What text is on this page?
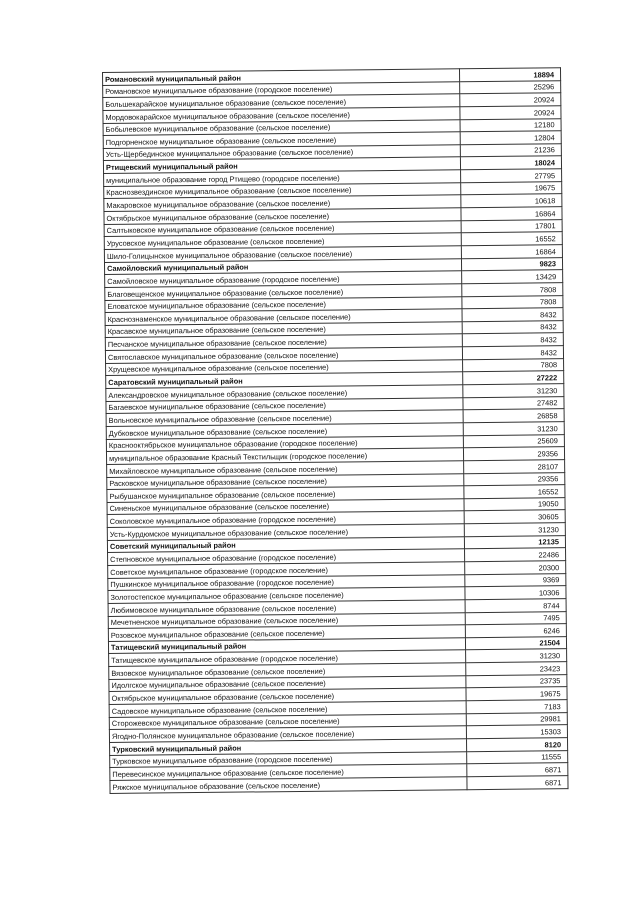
Романовский муниципальный район	18894
Романовское муниципальное образование (городское поселение)	25296
Большекарайское муниципальное образование (сельское поселение)	20924
Мордовокарайское муниципальное образование (сельское поселение)	20924
Бобылевское муниципальное образование (сельское поселение)	12180
Подгорненское муниципальное образование (сельское поселение)	12804
Усть-Щербединское муниципальное образование (сельское поселение)	21236
Ртищевский муниципальный район	18024
муниципальное образование город Ртищево (городское поселение)	27795
Краснозвездинское муниципальное образование (сельское поселение)	19675
Макаровское муниципальное образование (сельское поселение)	10618
Октябрьское муниципальное образование (сельское поселение)	16864
Салтыковское муниципальное образование (сельское поселение)	17801
Урусовское муниципальное образование (сельское поселение)	16552
Шило-Голицынское муниципальное образование (сельское поселение)	16864
Самойловский муниципальный район	9823
Самойловское муниципальное образование (городское поселение)	13429
Благовещенское муниципальное образование (сельское поселение)	7808
Еловатское муниципальное образование (сельское поселение)	7808
Краснознаменское муниципальное образование (сельское поселение)	8432
Красавское муниципальное образование (сельское поселение)	8432
Песчанское муниципальное образование (сельское поселение)	8432
Святославское муниципальное образование (сельское поселение)	8432
Хрущевское муниципальное образование (сельское поселение)	7808
Саратовский муниципальный район	27222
Александровское муниципальное образование (сельское поселение)	31230
Багаевское муниципальное образование (сельское поселение)	27482
Вольновское муниципальное образование (сельское поселение)	26858
Дубковское муниципальное образование (сельское поселение)	31230
Краснооктябрьское муниципальное образование (городское поселение)	25609
муниципальное образование Красный Текстильщик (городское поселение)	29356
Михайловское муниципальное образование (сельское поселение)	28107
Расковское муниципальное образование (сельское поселение)	29356
Рыбушанское муниципальное образование (сельское поселение)	16552
Синеньское муниципальное образование (сельское поселение)	19050
Соколовское муниципальное образование (городское поселение)	30605
Усть-Курдюмское муниципальное образование (сельское поселение)	31230
Советский муниципальный район	12135
Степновское муниципальное образование (городское поселение)	22486
Советское муниципальное образование (городское поселение)	20300
Пушкинское муниципальное образование (городское поселение)	9369
Золотостепское муниципальное образование (сельское поселение)	10306
Любимовское муниципальное образование (сельское поселение)	8744
Мечетненское муниципальное образование (сельское поселение)	7495
Розовское муниципальное образование (сельское поселение)	6246
Татищевский муниципальный район	21504
Татищевское муниципальное образование (городское поселение)	31230
Вязовское муниципальное образование (сельское поселение)	23423
Идолгское муниципальное образование (сельское поселение)	23735
Октябрьское муниципальное образование (сельское поселение)	19675
Садовское муниципальное образование (сельское поселение)	7183
Сторожевское муниципальное образование (сельское поселение)	29981
Ягодно-Полянское муниципальное образование (сельское поселение)	15303
Турковский муниципальный район	8120
Турковское муниципальное образование (городское поселение)	11555
Перевесинское муниципальное образование (сельское поселение)	6871
Ряжское муниципальное образование (сельское поселение)	6871
